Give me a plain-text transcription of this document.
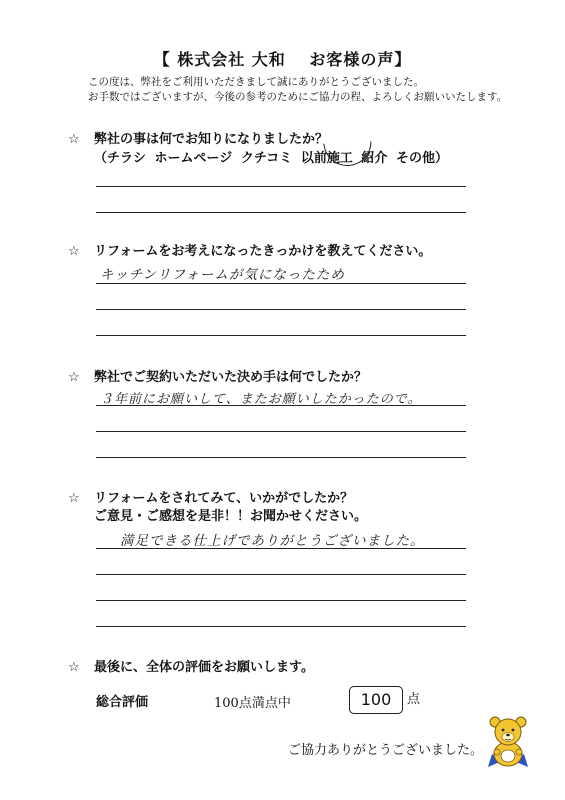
【 株式会社 大和　 お客様の声】
この度は、弊社をご利用いただきまして誠にありがとうございました。
お手数ではございますが、今後の参考のためにご協力の程、よろしくお願いいたします。
☆ 弊社の事は何でお知りになりましたか？
（チラシ ホームページ クチコミ 以前施工 紹介 その他）
☆ リフォームをお考えになったきっかけを教えてください。
キッチンリフォームが気になったため
☆ 弊社でご契約いただいた決め手は何でしたか？
３年前にお願いして、またお願いしたかったので。
☆ リフォームをされてみて、いかがでしたか？
ご意見・ご感想を是非！！お聞かせください。
満足できる仕上げでありがとうございました。
☆ 最後に、全体の評価をお願いします。
総合評価	100点満点中	100	点
ご協力ありがとうございました。
